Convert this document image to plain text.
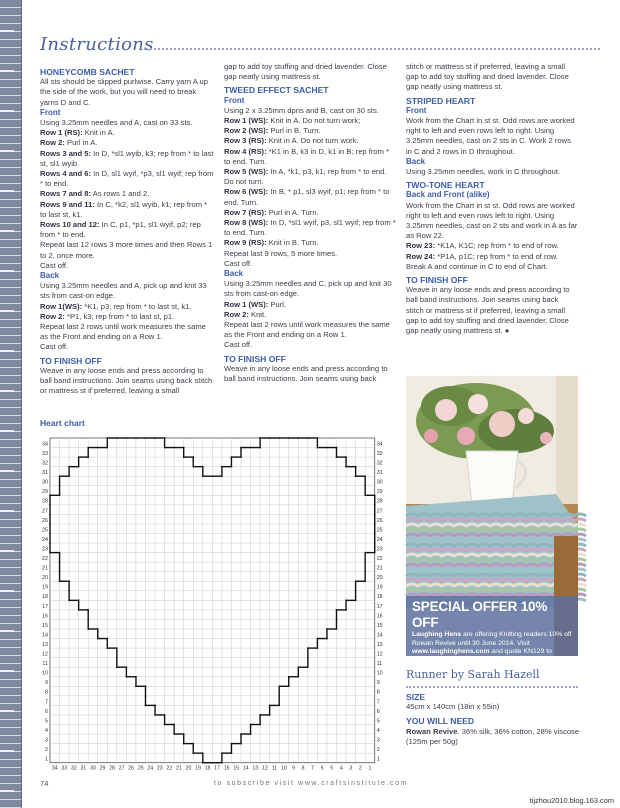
Instructions
HONEYCOMB SACHET

All sts should be slipped purlwise. Carry yarn A up the side of the work, but you will need to break yarns D and C.

Front

Using 3.25mm needles and A, cast on 33 sts.

Row 1 (RS): Knit in A.

Row 2: Purl in A.

Rows 3 and 5: In D, *sl1 wyib, k3; rep from * to last st, sl1 wyib.

Rows 4 and 6: In D, sl1 wyif, *p3, sl1 wyif; rep from * to end.

Rows 7 and 8: As rows 1 and 2.

Rows 9 and 11: In C, *k2, sl1 wyib, k1; rep from * to last st, k1.

Rows 10 and 12: In C, p1, *p1, sl1 wyif, p2; rep from * to end.

Repeat last 12 rows 3 more times and then Rows 1 to 2, once more.

Cast off.

Back

Using 3.25mm needles and A, pick up and knit 33 sts from cast-on edge.

Row 1(WS): *K1, p3; rep from * to last st, k1.

Row 2: *P1, k3; rep from * to last st, p1.

Repeat last 2 rows until work measures the same as the Front and ending on a Row 1.

Cast off.

TO FINISH OFF

Weave in any loose ends and press according to ball band instructions. Join seams using back stitch or mattress st if preferred, leaving a small

gap to add toy stuffing and dried lavender. Close gap neatly using mattress st.

TWEED EFFECT SACHET
Front

Using 2 x 3.25mm dpns and B, cast on 30 sts.

Row 1 (WS): Knit in A. Do not turn work;

Row 2 (WS): Purl in B. Turn.

Row 3 (RS): Knit in A. Do not turn work.

Row 4 (RS): *K1 in B, k3 in D, k1 in B; rep from * to end. Turn.

Row 5 (WS): In A, *k1, p3, k1; rep from * to end. Do not turn.

Row 6 (WS): In B, * p1, sl3 wyif, p1; rep from * to end. Turn.

Row 7 (RS): Purl in A. Turn.

Row 8 (WS): In D, *sl1 wyif, p3, sl1 wyif; rep from * to end. Turn.

Row 9 (RS): Knit in B. Turn.

Repeat last 9 rows, 5 more times.

Cast off.

Back

Using 3.25mm needles and C, pick up and knit 30 sts from cast-on edge.

Row 1 (WS): Purl.

Row 2: Knit.

Repeat last 2 rows until work measures the same as the Front and ending on a Row 1.

Cast off.

TO FINISH OFF

Weave in any loose ends and press according to ball band instructions. Join seams using back

stitch or mattress st if preferred, leaving a small gap to add toy stuffing and dried lavender. Close gap neatly using mattress st.

STRIPED HEART
Front

Work from the Chart in st st. Odd rows are worked right to left and even rows left to right. Using 3.25mm needles, cast on 2 sts in C. Work 2 rows in C and 2 rows in D throughout.

Back

Using 3.25mm needles, work in C throughout.

TWO-TONE HEART
Back and Front (alike)

Work from the Chart in st st. Odd rows are worked right to left and even rows left to right. Using 3.25mm needles, cast on 2 sts and work in A as far as Row 22.

Row 23: *K1A, K1C; rep from * to end of row.

Row 24: *P1A, p1C; rep from * to end of row.

Break A and continue in C to end of Chart.

TO FINISH OFF

Weave in any loose ends and press according to ball band instructions. Join seams using back stitch or mattress st if preferred, leaving a small gap to add toy stuffing and dried lavender. Close gap neatly using mattress st. ●

Heart chart
34
33
32
31
30
29
28
27
26
25
24
23
22
21
20
19
18
17
16
15
14
13
12
11
10
9
8
7
6
5
4
3
2
1
34
33
32
31
30
29
28
27
26
25
24
23
22
21
20
19
18
17
16
15
14
13
12
11
10
9
8
7
6
5
4
3
2
1
34 33 32 31 30 29 28 27 26 25 24 23 22 21 20 19 18 17 16 15 14 13 12 11 10 9 8 7 6 5 4 3 2 1
SPECIAL OFFER 10% OFF
Laughing Hens are offering Knitting readers 10% off Rowan Revive until 30 June 2014. Visit www.laughinghens.com and quote KN129 to receive your discount.
Runner by Sarah Hazell
SIZE
45cm x 140cm (18in x 55in)
YOU WILL NEED
Rowan Revive. 36% silk, 36% cotton, 28% viscose (125m per 50g)
74	to subscribe visit www.craftsinstitute.com
tijzhou2010.blog.163.com
